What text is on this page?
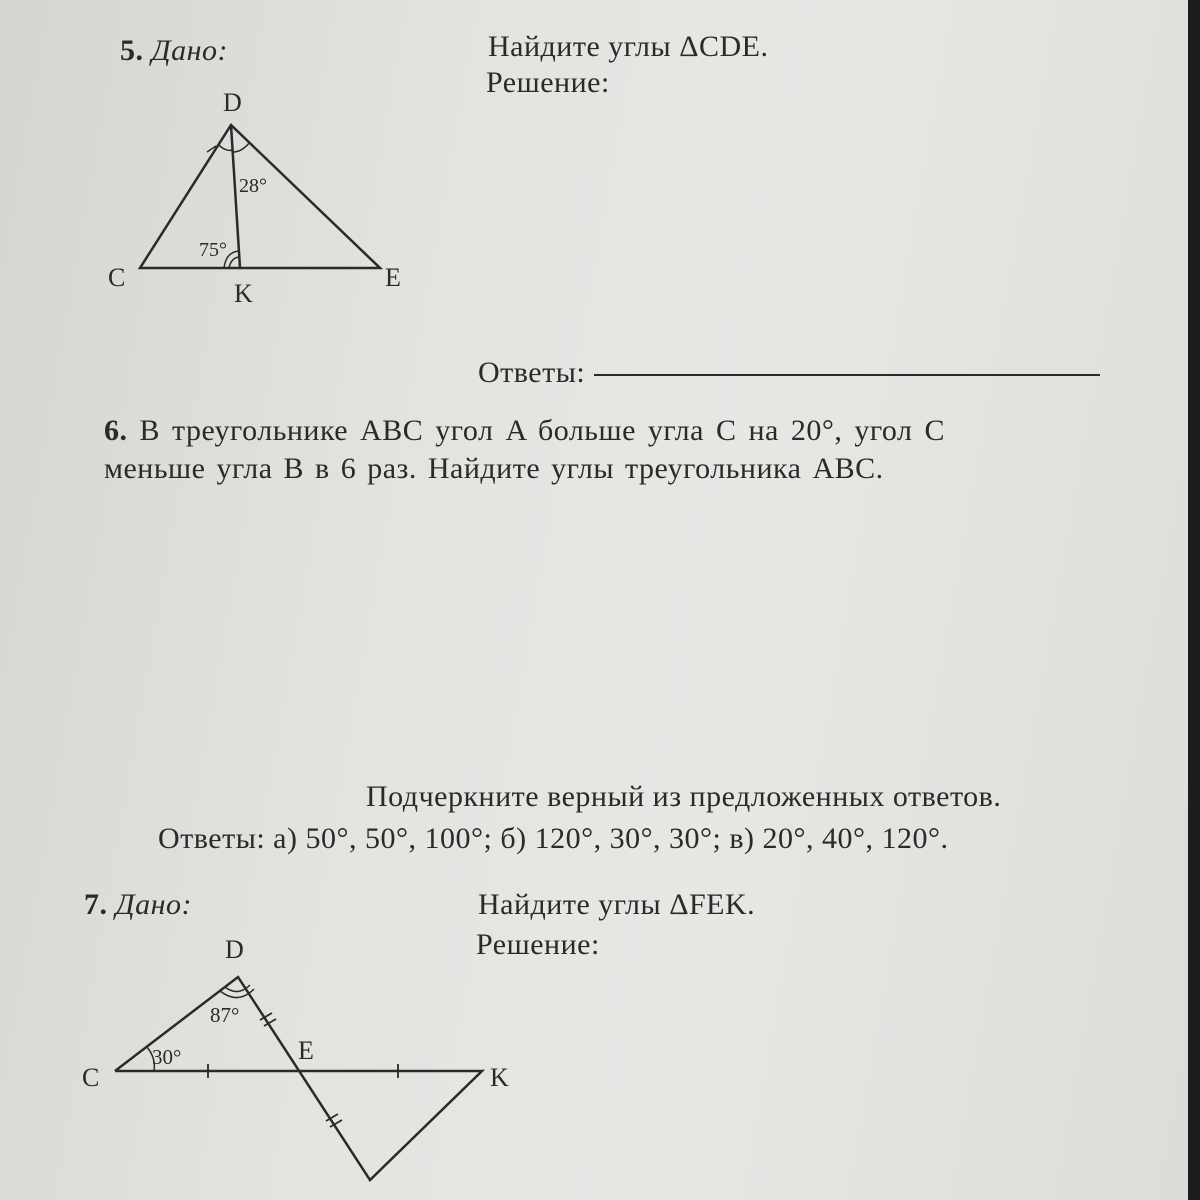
5. Дано:	Найдите углы ΔCDE.
Решение:
D
C
K
E
28°
75°
Ответы:
6. В треугольнике ABC угол A больше угла C на 20°, угол C
меньше угла B в 6 раз. Найдите углы треугольника ABC.
Подчеркните верный из предложенных ответов.
Ответы: а) 50°, 50°, 100°; б) 120°, 30°, 30°; в) 20°, 40°, 120°.
7. Дано:	Найдите углы ΔFEK.
Решение:
D
C
E
K
87°
30°
